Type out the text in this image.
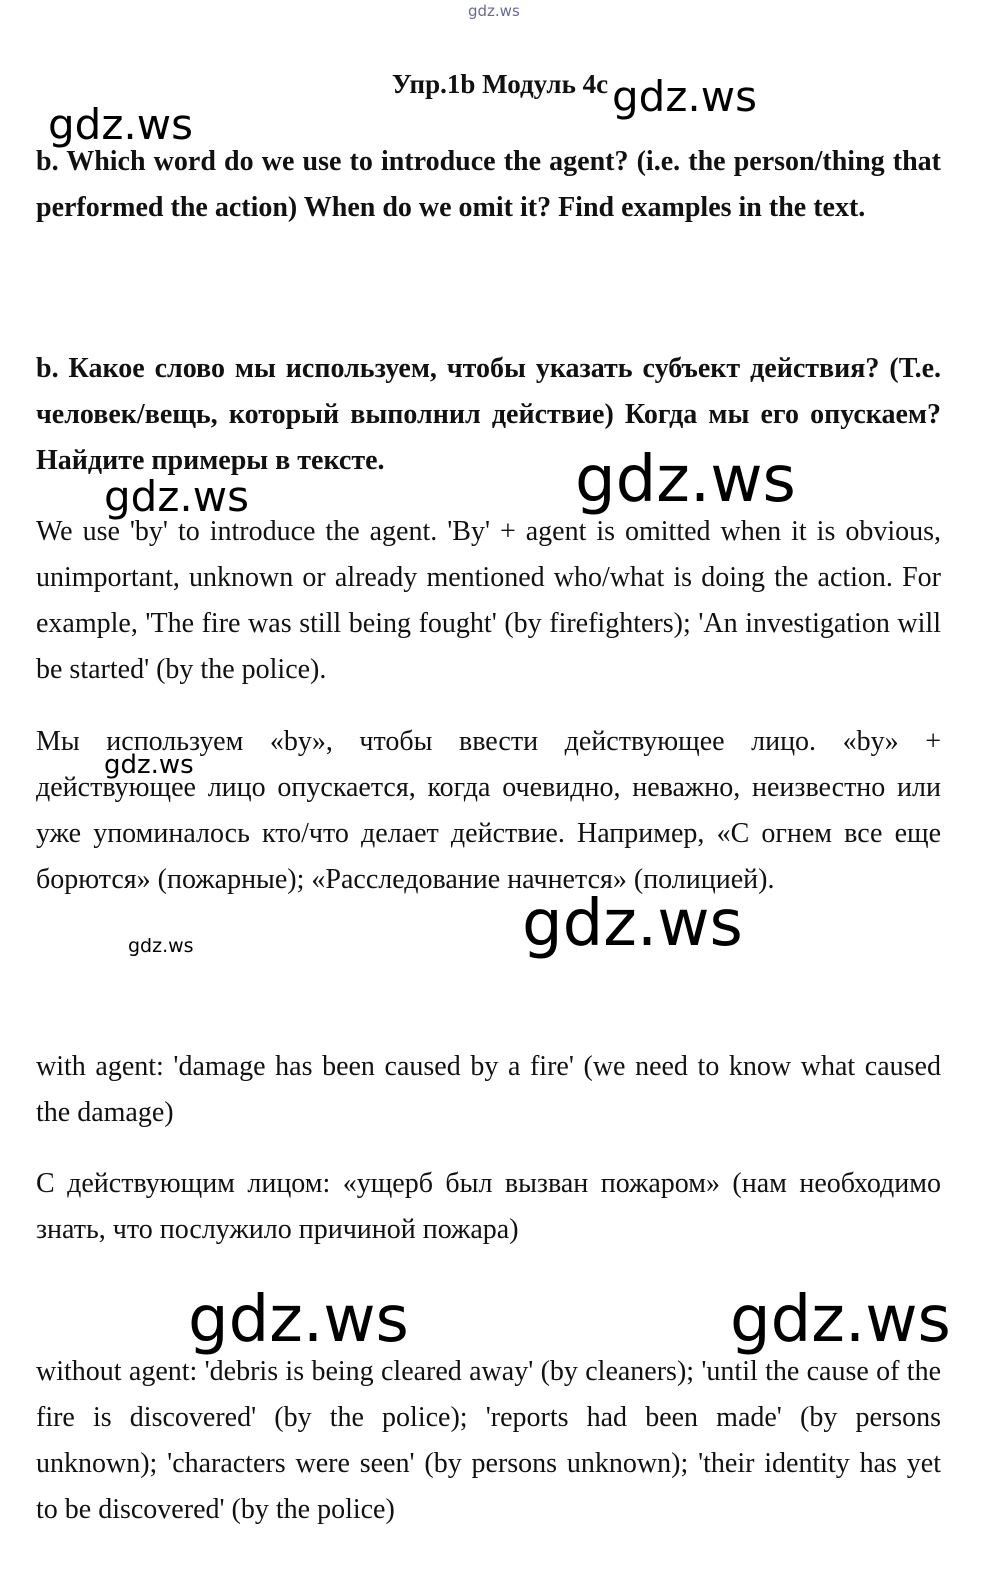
gdz.ws
Упр.1b Модуль 4c

b. Which word do we use to introduce the agent? (i.e. the person/thing that performed the action) When do we omit it? Find examples in the text.

b. Какое слово мы используем, чтобы указать субъект действия? (Т.е. человек/вещь, который выполнил действие) Когда мы его опускаем? Найдите примеры в тексте.

We use 'by' to introduce the agent. 'By' + agent is omitted when it is obvious, unimportant, unknown or already mentioned who/what is doing the action. For example, 'The fire was still being fought' (by firefighters); 'An investigation will be started' (by the police).

Мы используем «by», чтобы ввести действующее лицо. «by» + действующее лицо опускается, когда очевидно, неважно, неизвестно или уже упоминалось кто/что делает действие. Например, «С огнем все еще борются» (пожарные); «Расследование начнется» (полицией).

with agent: 'damage has been caused by a fire' (we need to know what caused the damage)

С действующим лицом: «ущерб был вызван пожаром» (нам необходимо знать, что послужило причиной пожара)

without agent: 'debris is being cleared away' (by cleaners); 'until the cause of the fire is discovered' (by the police); 'reports had been made' (by persons unknown); 'characters were seen' (by persons unknown); 'their identity has yet to be discovered' (by the police)

gdz.ws
gdz.ws
gdz.ws	gdz.ws
gdz.ws
gdz.ws	gdz.ws
gdz.ws	gdz.ws
